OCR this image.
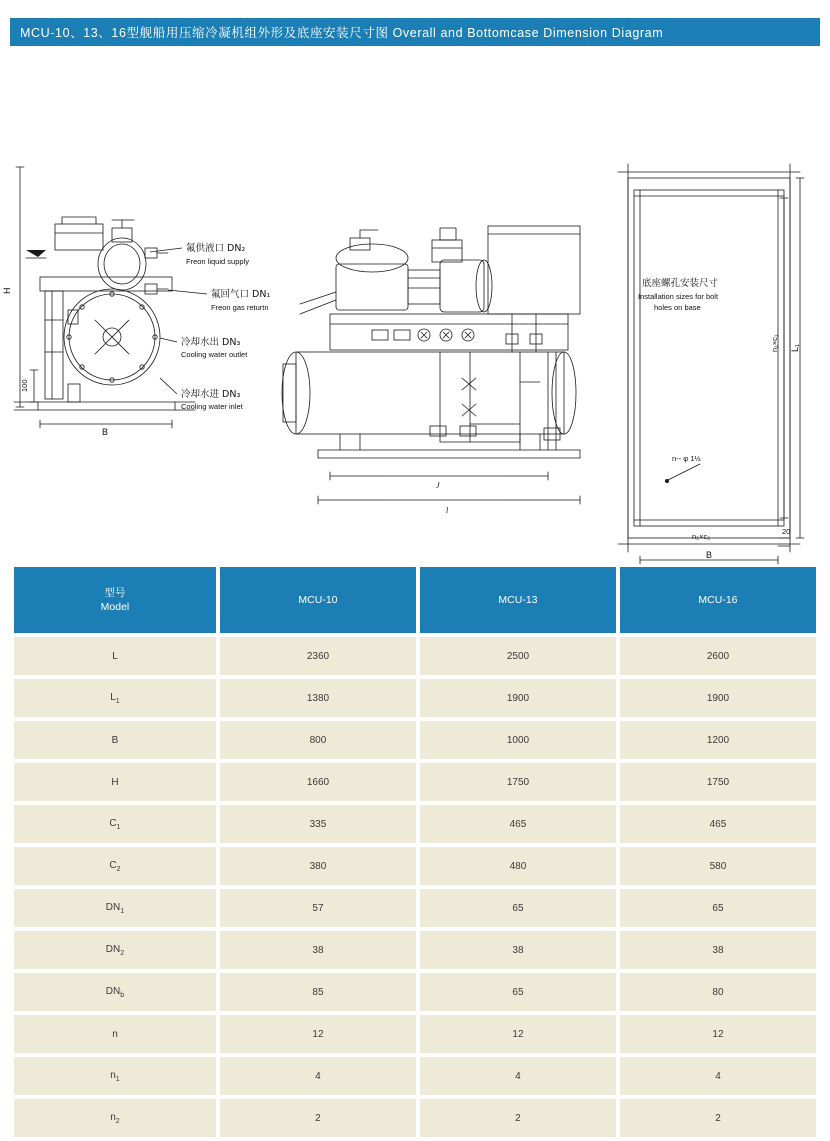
MCU-10、13、16型舰船用压缩冷凝机组外形及底座安装尺寸图 Overall and Bottomcase Dimension Diagram
H
100
B
J
l
氟供液口 DN₂
Freon liquid supply
氟回气口 DN₁
Freon gas returtn
冷却水出 DN₃
Cooling water outlet
冷却水进 DN₃
Cooling water inlet
底座螺孔安装尺寸
Installation sizes for bolt
holes on base
n-- φ 1½
n₂×c₂
B
20
n₁×c₁ L₁
型号
Model	MCU-10	MCU-13	MCU-16
L	2360	2500	2600
$L_1$	1380	1900	1900
B	800	1000	1200
H	1660	1750	1750
$C_1$	335	465	465
$C_2$	380	480	580
$DN_1$	57	65	65
$DN_2$	38	38	38
$DN_b$	85	65	80
n	12	12	12
$n_1$	4	4	4
$n_2$	2	2	2
